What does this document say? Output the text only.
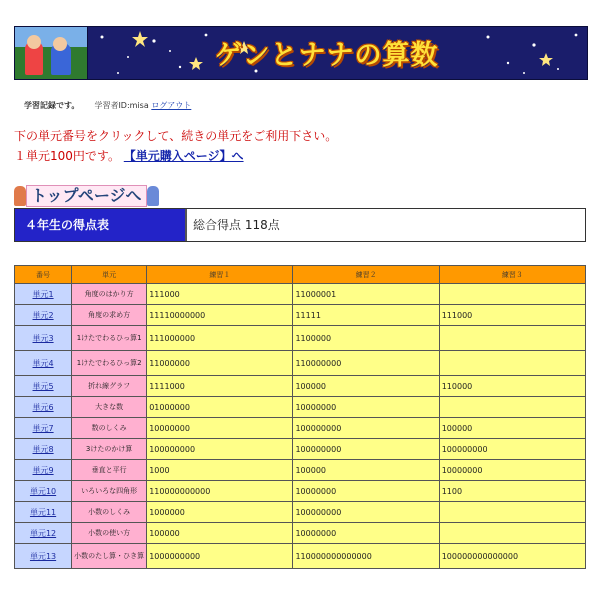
ゲンとナナの算数
学習記録です。 学習者ID:misa ログアウト
下の単元番号をクリックして、続きの単元をご利用下さい。
１単元100円です。 【単元購入ページ】へ
トップページへ
４年生の得点表	総合得点 118点
番号	単元	練習１	練習２	練習３
単元1	角度のはかり方	111000	11000001	
単元2	角度の求め方	11110000000	11111	111000
単元3	1けたでわるひっ算1	111000000	1100000	
単元4	1けたでわるひっ算2	11000000	110000000	
単元5	折れ線グラフ	1111000	100000	110000
単元6	大きな数	01000000	10000000	
単元7	数のしくみ	10000000	100000000	100000
単元8	3けたのかけ算	100000000	100000000	100000000
単元9	垂直と平行	1000	100000	10000000
単元10	いろいろな四角形	110000000000	10000000	1100
単元11	小数のしくみ	1000000	100000000	
単元12	小数の使い方	100000	10000000	
単元13	小数のたし算・ひき算	1000000000	110000000000000	100000000000000
